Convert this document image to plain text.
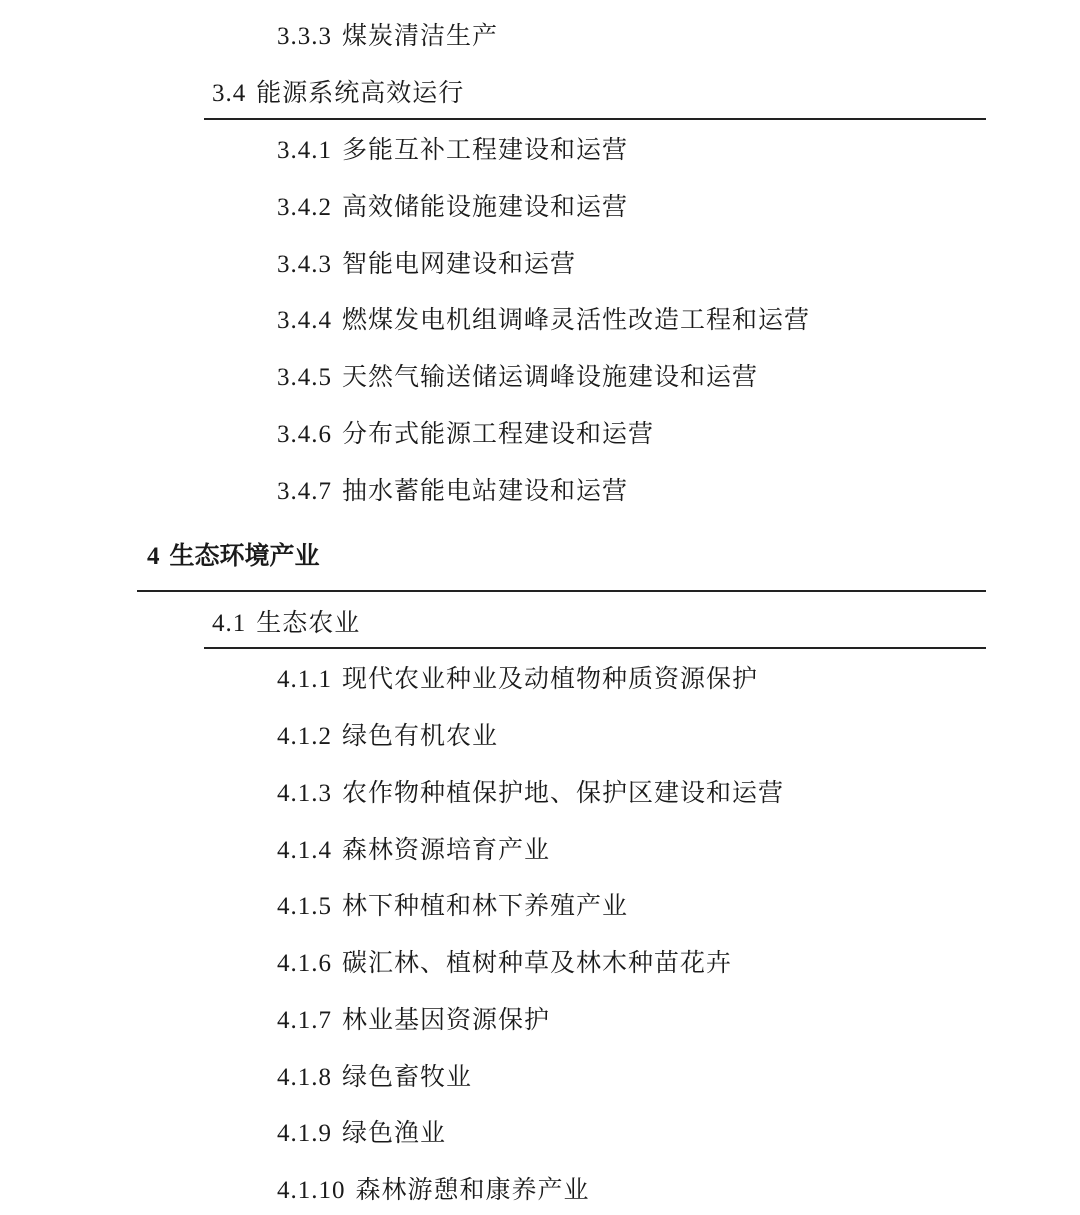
3.3.3 煤炭清洁生产
3.4 能源系统高效运行
3.4.1 多能互补工程建设和运营
3.4.2 高效储能设施建设和运营
3.4.3 智能电网建设和运营
3.4.4 燃煤发电机组调峰灵活性改造工程和运营
3.4.5 天然气输送储运调峰设施建设和运营
3.4.6 分布式能源工程建设和运营
3.4.7 抽水蓄能电站建设和运营
4 生态环境产业
4.1 生态农业
4.1.1 现代农业种业及动植物种质资源保护
4.1.2 绿色有机农业
4.1.3 农作物种植保护地、保护区建设和运营
4.1.4 森林资源培育产业
4.1.5 林下种植和林下养殖产业
4.1.6 碳汇林、植树种草及林木种苗花卉
4.1.7 林业基因资源保护
4.1.8 绿色畜牧业
4.1.9 绿色渔业
4.1.10 森林游憩和康养产业
